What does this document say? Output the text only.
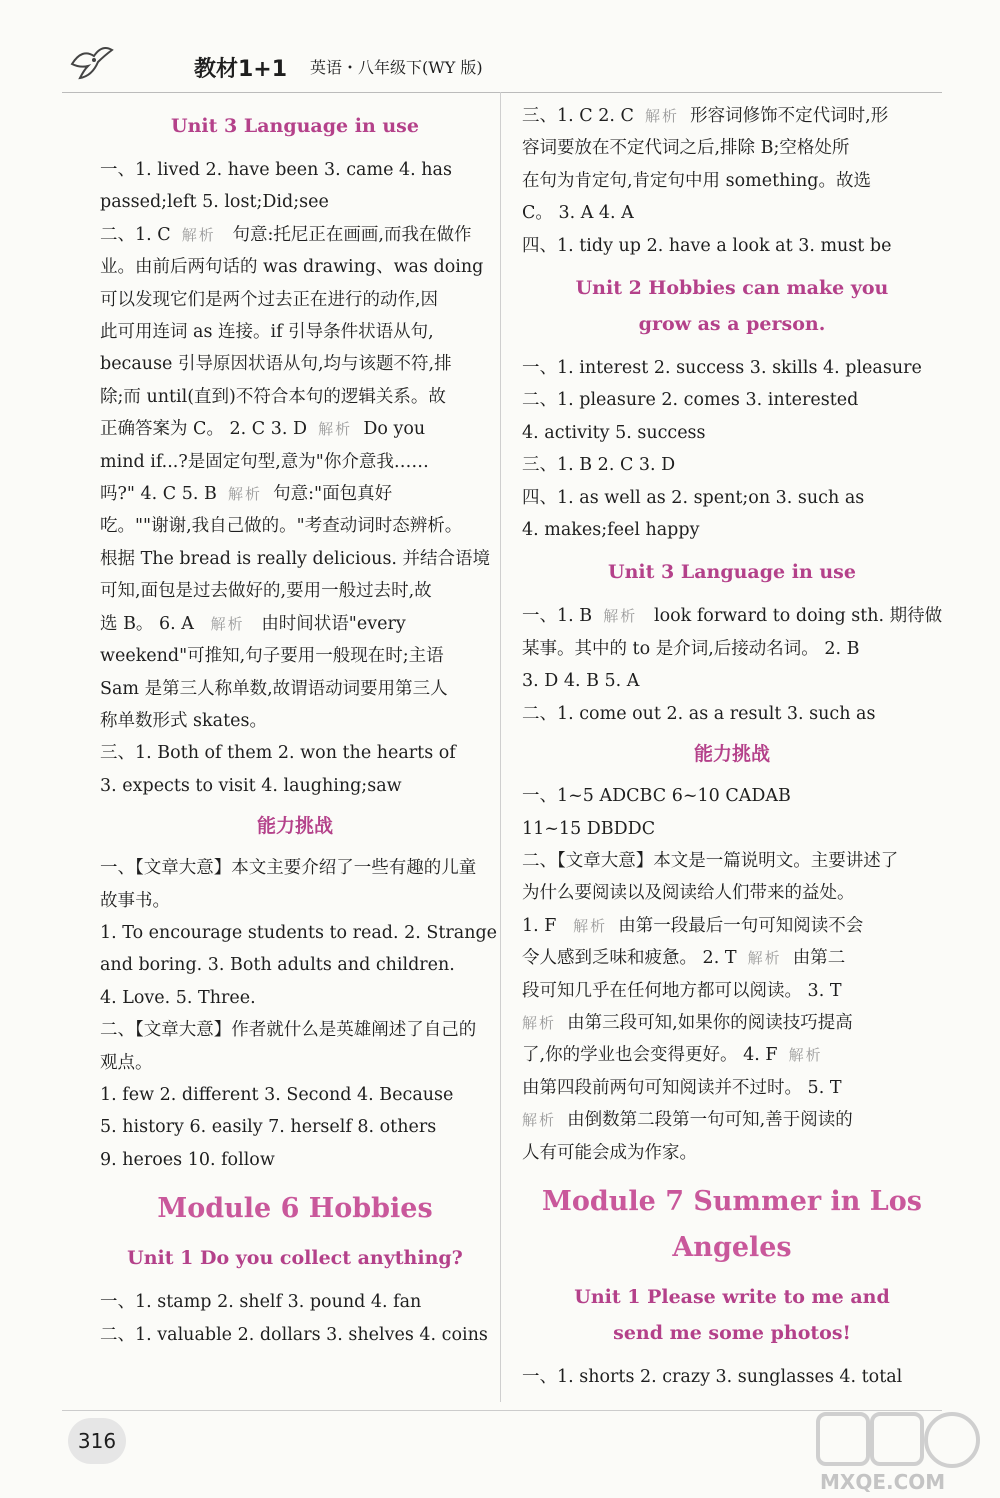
教材1+1 英语・八年级下(WY 版)
Unit 3 Language in use
一、1. lived 2. have been 3. came 4. has
passed;left 5. lost;Did;see
二、1. C 解析 句意:托尼正在画画,而我在做作
业。由前后两句话的 was drawing、was doing
可以发现它们是两个过去正在进行的动作,因
此可用连词 as 连接。if 引导条件状语从句,
because 引导原因状语从句,均与该题不符,排
除;而 until(直到)不符合本句的逻辑关系。故
正确答案为 C。 2. C 3. D 解析 Do you
mind if...?是固定句型,意为"你介意我……
吗?" 4. C 5. B 解析 句意:"面包真好
吃。""谢谢,我自己做的。"考查动词时态辨析。
根据 The bread is really delicious. 并结合语境
可知,面包是过去做好的,要用一般过去时,故
选 B。 6. A 解析 由时间状语"every
weekend"可推知,句子要用一般现在时;主语
Sam 是第三人称单数,故谓语动词要用第三人
称单数形式 skates。
三、1. Both of them 2. won the hearts of
3. expects to visit 4. laughing;saw
能力挑战
一、【文章大意】本文主要介绍了一些有趣的儿童
故事书。
1. To encourage students to read. 2. Strange
and boring. 3. Both adults and children.
4. Love. 5. Three.
二、【文章大意】作者就什么是英雄阐述了自己的
观点。
1. few 2. different 3. Second 4. Because
5. history 6. easily 7. herself 8. others
9. heroes 10. follow
Module 6 Hobbies
Unit 1 Do you collect anything?
一、1. stamp 2. shelf 3. pound 4. fan
二、1. valuable 2. dollars 3. shelves 4. coins
三、1. C 2. C 解析 形容词修饰不定代词时,形
容词要放在不定代词之后,排除 B;空格处所
在句为肯定句,肯定句中用 something。故选
C。 3. A 4. A
四、1. tidy up 2. have a look at 3. must be
Unit 2 Hobbies can make you
grow as a person.
一、1. interest 2. success 3. skills 4. pleasure
二、1. pleasure 2. comes 3. interested
4. activity 5. success
三、1. B 2. C 3. D
四、1. as well as 2. spent;on 3. such as
4. makes;feel happy
Unit 3 Language in use
一、1. B 解析 look forward to doing sth. 期待做
某事。其中的 to 是介词,后接动名词。 2. B
3. D 4. B 5. A
二、1. come out 2. as a result 3. such as
能力挑战
一、1~5 ADCBC 6~10 CADAB
11~15 DBDDC
二、【文章大意】本文是一篇说明文。主要讲述了
为什么要阅读以及阅读给人们带来的益处。
1. F 解析 由第一段最后一句可知阅读不会
令人感到乏味和疲惫。 2. T 解析 由第二
段可知几乎在任何地方都可以阅读。 3. T
解析 由第三段可知,如果你的阅读技巧提高
了,你的学业也会变得更好。 4. F 解析
由第四段前两句可知阅读并不过时。 5. T
解析 由倒数第二段第一句可知,善于阅读的
人有可能会成为作家。
Module 7 Summer in Los Angeles
Unit 1 Please write to me and
send me some photos!
一、1. shorts 2. crazy 3. sunglasses 4. total
316
MXQE.COM
